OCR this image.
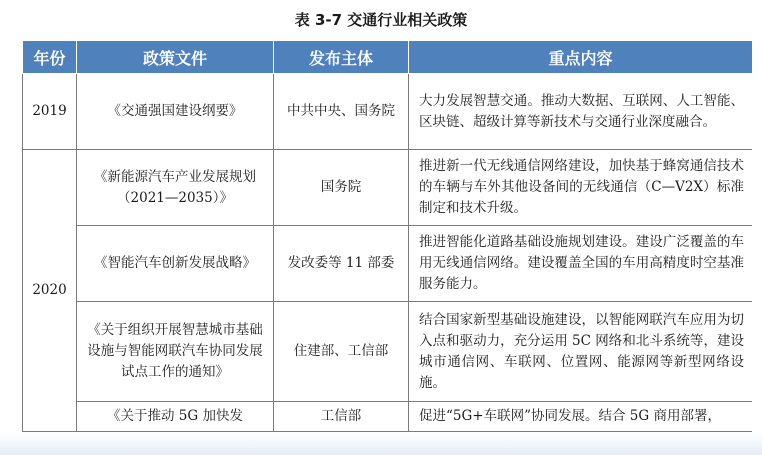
表 3-7 交通行业相关政策
年份	政策文件	发布主体	重点内容
2019	《交通强国建设纲要》	中共中央、国务院	大力发展智慧交通。推动大数据、互联网、人工智能、区块链、超级计算等新技术与交通行业深度融合。
2020	《新能源汽车产业发展规划（2021—2035）》	国务院	推进新一代无线通信网络建设，加快基于蜂窝通信技术的车辆与车外其他设备间的无线通信（C—V2X）标准制定和技术升级。
	《智能汽车创新发展战略》	发改委等 11 部委	推进智能化道路基础设施规划建设。建设广泛覆盖的车用无线通信网络。建设覆盖全国的车用高精度时空基准服务能力。
	《关于组织开展智慧城市基础设施与智能网联汽车协同发展试点工作的通知》	住建部、工信部	结合国家新型基础设施建设，以智能网联汽车应用为切入点和驱动力，充分运用 5C 网络和北斗系统等，建设城市通信网、车联网、位置网、能源网等新型网络设施。
	《关于推动 5G 加快发	工信部	促进“5G+车联网”协同发展。结合 5G 商用部署，
